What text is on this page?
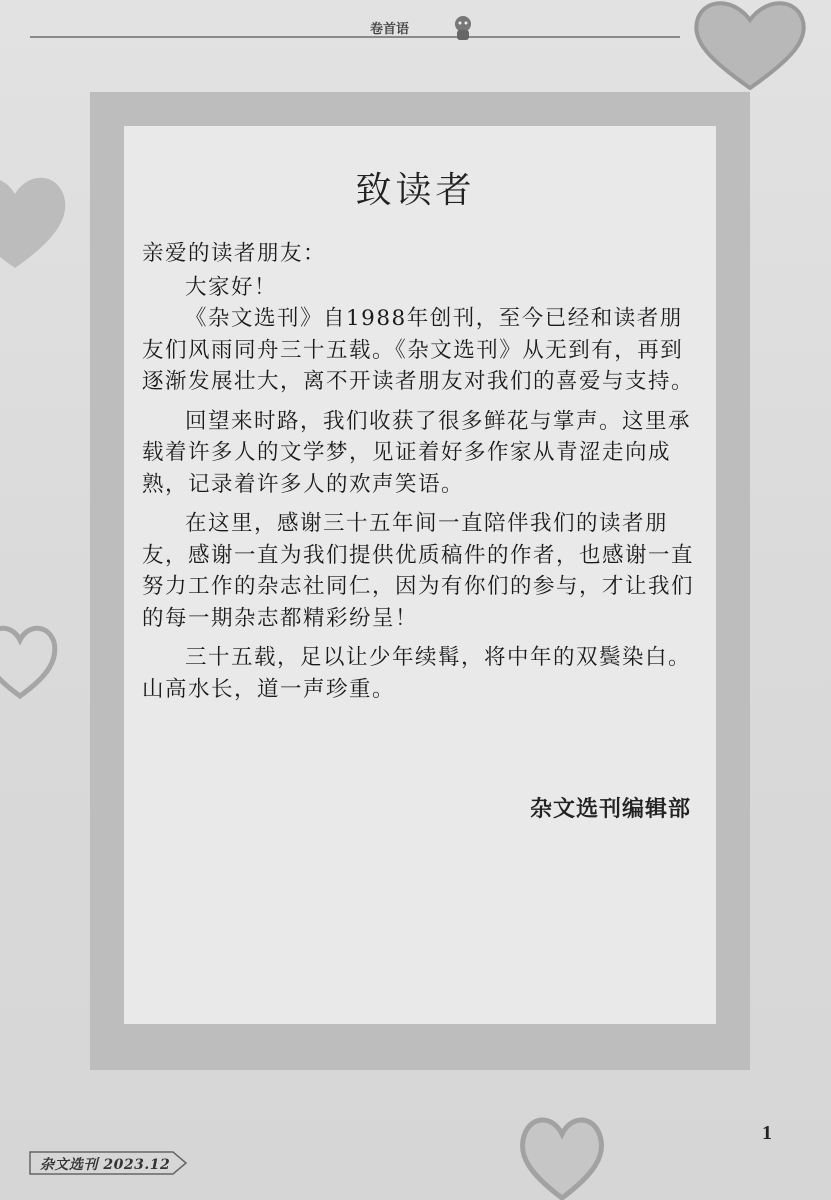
卷首语
致读者

亲爱的读者朋友：

大家好！

《杂文选刊》自1988年创刊，至今已经和读者朋友们风雨同舟三十五载。《杂文选刊》从无到有，再到逐渐发展壮大，离不开读者朋友对我们的喜爱与支持。

回望来时路，我们收获了很多鲜花与掌声。这里承载着许多人的文学梦，见证着好多作家从青涩走向成熟，记录着许多人的欢声笑语。

在这里，感谢三十五年间一直陪伴我们的读者朋友，感谢一直为我们提供优质稿件的作者，也感谢一直努力工作的杂志社同仁，因为有你们的参与，才让我们的每一期杂志都精彩纷呈！

三十五载，足以让少年续髯，将中年的双鬓染白。山高水长，道一声珍重。

杂文选刊编辑部
杂文选刊 2023.12
1
